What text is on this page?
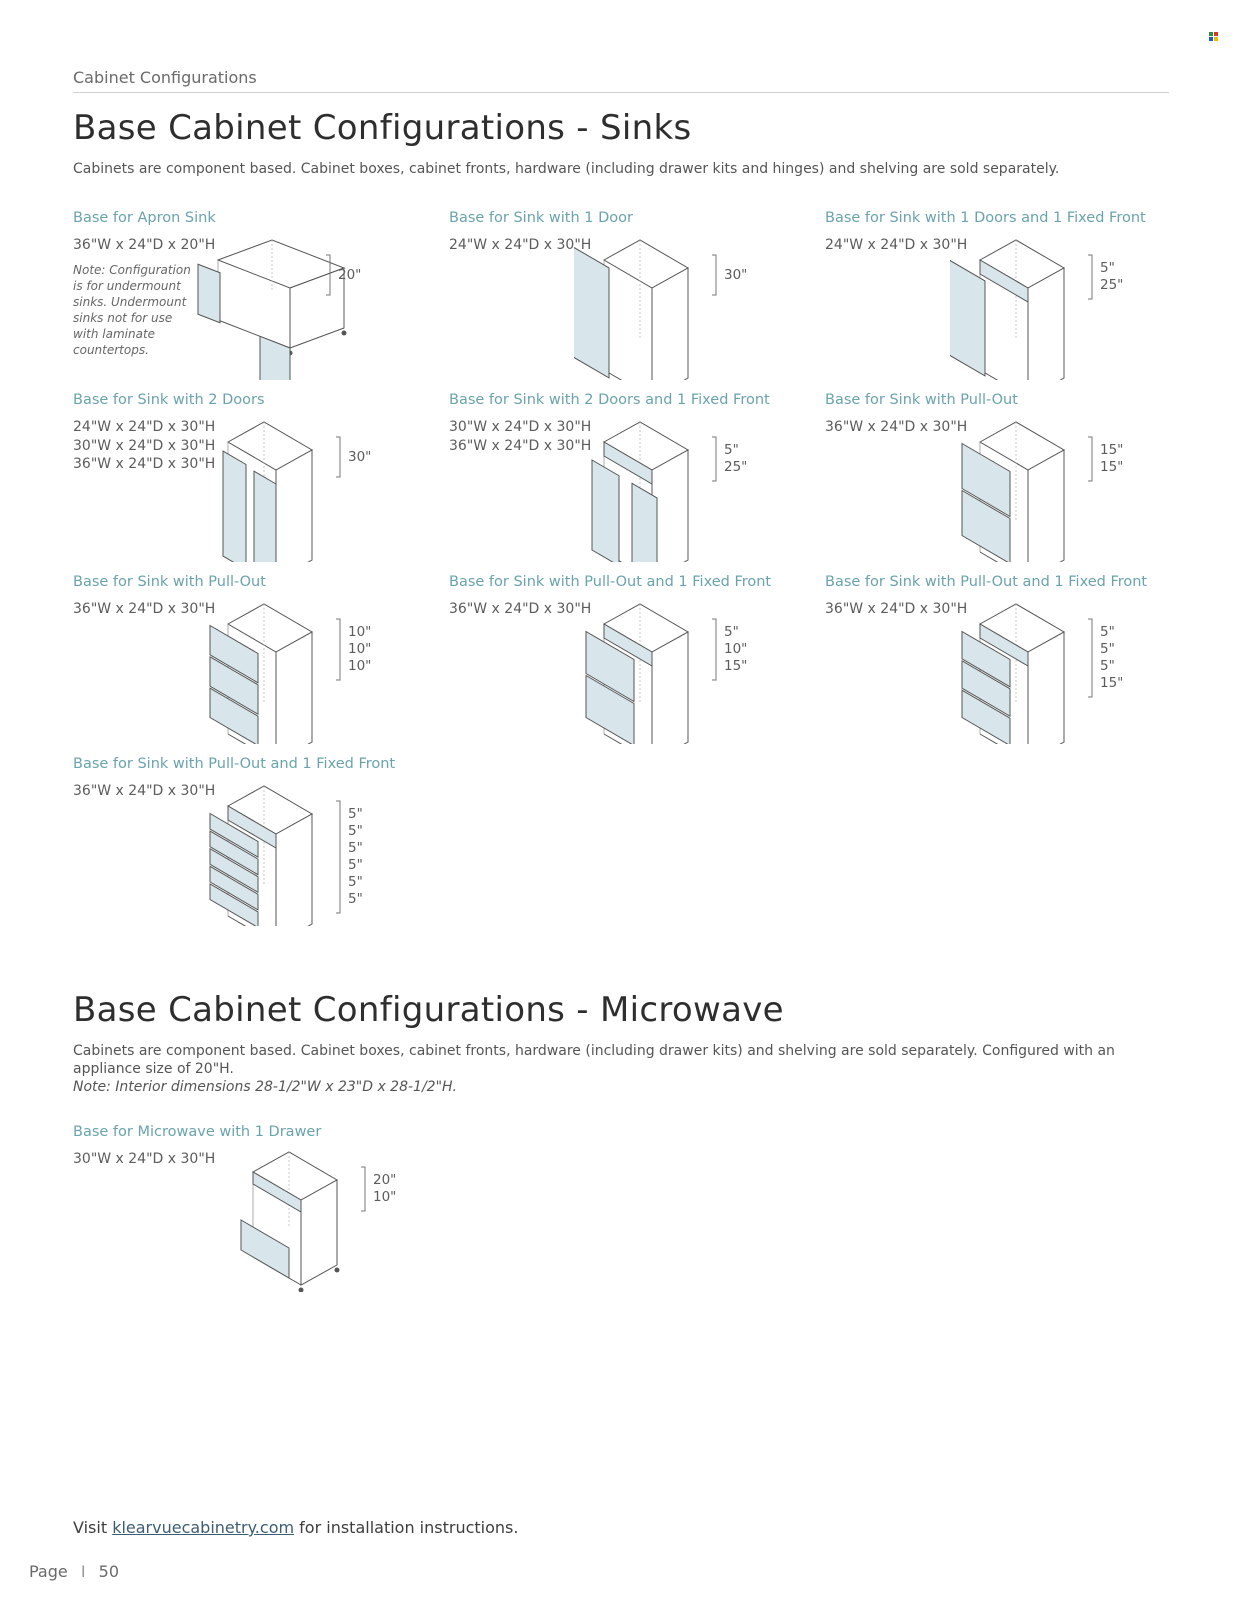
Cabinet Configurations
Base Cabinet Configurations - Sinks
Cabinets are component based. Cabinet boxes, cabinet fronts, hardware (including drawer kits and hinges) and shelving are sold separately.
Base for Apron Sink
36"W x 24"D x 20"H
Note: Configuration is for undermount sinks. Undermount sinks not for use with laminate countertops.
20"
Base for Sink with 1 Door
24"W x 24"D x 30"H
30"
Base for Sink with 1 Doors and 1 Fixed Front
24"W x 24"D x 30"H
5"
25"
Base for Sink with 2 Doors
24"W x 24"D x 30"H
30"W x 24"D x 30"H
36"W x 24"D x 30"H	30"
Base for Sink with 2 Doors and 1 Fixed Front
30"W x 24"D x 30"H
36"W x 24"D x 30"H	5"
25"
Base for Sink with Pull-Out
36"W x 24"D x 30"H
15"
15"
Base for Sink with Pull-Out
36"W x 24"D x 30"H
10"
10"
10"
Base for Sink with Pull-Out and 1 Fixed Front
36"W x 24"D x 30"H
5"
10"
15"
Base for Sink with Pull-Out and 1 Fixed Front
36"W x 24"D x 30"H
5"
5"
5"
15"
Base for Sink with Pull-Out and 1 Fixed Front
36"W x 24"D x 30"H
5"
5"
5"
5"
5"
5"
Base Cabinet Configurations - Microwave
Cabinets are component based. Cabinet boxes, cabinet fronts, hardware (including drawer kits) and shelving are sold separately. Configured with an appliance size of 20"H.
Note: Interior dimensions 28-1/2"W x 23"D x 28-1/2"H.
Base for Microwave with 1 Drawer
30"W x 24"D x 30"H
20"
10"
Visit klearvuecabinetry.com for installation instructions.
Page I 50
